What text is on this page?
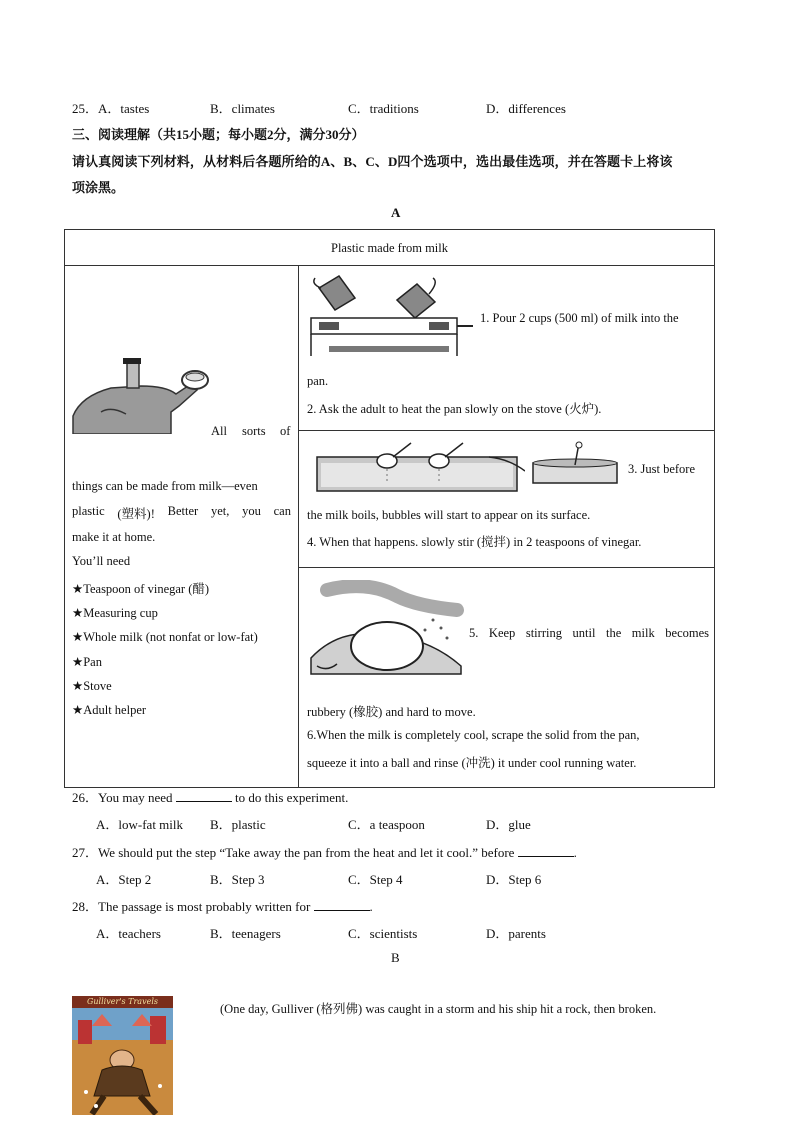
25．A．tastes	B．climates	C．traditions	D．differences
三、阅读理解（共15小题；每小题2分，满分30分）
请认真阅读下列材料，从材料后各题所给的A、B、C、D四个选项中，选出最佳选项，并在答题卡上将该
项涂黑。
A
Plastic made from milk

All sorts of
things can be made from milk—even
plastic (塑料)! Better yet, you can
make it at home.
You’ll need
★Teaspoon of vinegar (醋)
★Measuring cup
★Whole milk (not nonfat or low-fat)
★Pan
★Stove
★Adult helper

1. Pour 2 cups (500 ml) of milk into the
pan.
2. Ask the adult to heat the pan slowly on the stove (火炉).

3. Just before
the milk boils, bubbles will start to appear on its surface.
4. When that happens. slowly stir (搅拌) in 2 teaspoons of vinegar.

5. Keep stirring until the milk becomes
rubbery (橡胶) and hard to move.
6.When the milk is completely cool, scrape the solid from the pan,
squeeze it into a ball and rinse (冲洗) it under cool running water.
26．You may need	to do this experiment.
A．low-fat milk B．plastic	C．a teaspoon	D．glue
27．We should put the step “Take away the pan from the heat and let it cool.” before	.
A．Step 2	B．Step 3	C．Step 4	D．Step 6
28．The passage is most probably written for	.
A．teachers	B．teenagers	C．scientists	D．parents
B
Gulliver's Travels
(One day, Gulliver (格列佛) was caught in a storm and his ship hit a rock, then broken.
